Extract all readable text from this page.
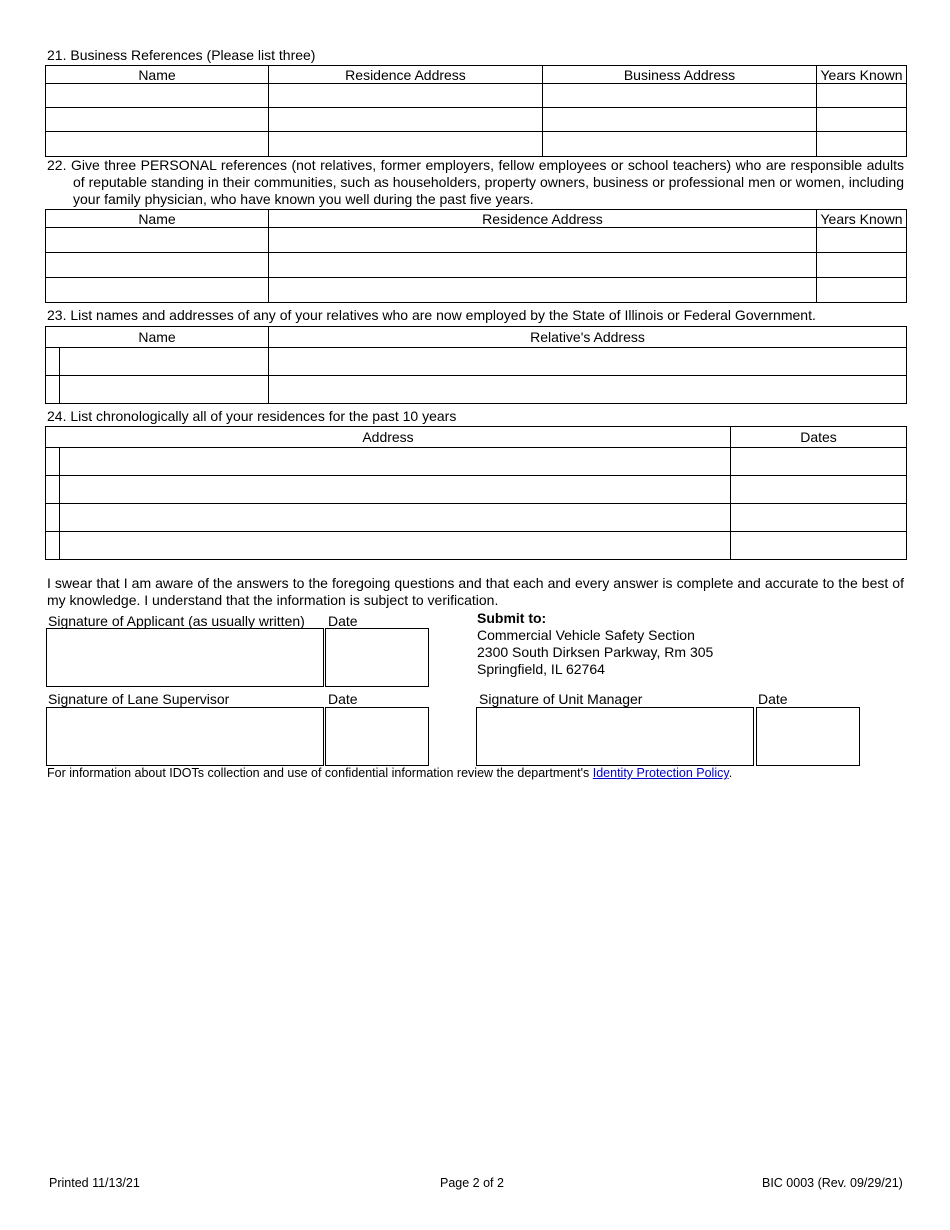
21. Business References (Please list three)
Name	Residence Address	Business Address	Years Known

22. Give three PERSONAL references (not relatives, former employers, fellow employees or school teachers) who are responsible adults
of reputable standing in their communities, such as householders, property owners, business or professional men or women, including
your family physician, who have known you well during the past five years.
Name	Residence Address	Years Known

23. List names and addresses of any of your relatives who are now employed by the State of Illinois or Federal Government.
Name		Relative's Address

24. List chronologically all of your residences for the past 10 years
Address		Dates

I swear that I am aware of the answers to the foregoing questions and that each and every answer is complete and accurate to the best of my knowledge. I understand that the information is subject to verification.
Signature of Applicant (as usually written) Date	Submit to:
Commercial Vehicle Safety Section
2300 South Dirksen Parkway, Rm 305
Springfield, IL 62764
Signature of Lane Supervisor	Date	Signature of Unit Manager	Date
For information about IDOTs collection and use of confidential information review the department's Identity Protection Policy.
Printed 11/13/21	Page 2 of 2	BIC 0003 (Rev. 09/29/21)
